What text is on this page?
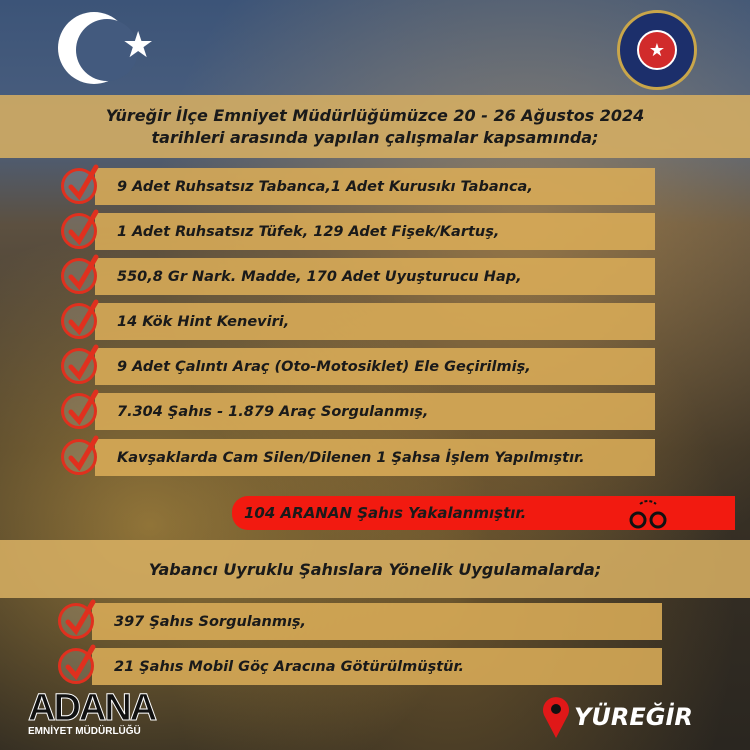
★	★
Yüreğir İlçe Emniyet Müdürlüğümüzce 20 - 26 Ağustos 2024
tarihleri arasında yapılan çalışmalar kapsamında;
9 Adet Ruhsatsız Tabanca,1 Adet Kurusıkı Tabanca,
1 Adet Ruhsatsız Tüfek, 129 Adet Fişek/Kartuş,
550,8 Gr Nark. Madde, 170 Adet Uyuşturucu Hap,
14 Kök Hint Keneviri,
9 Adet Çalıntı Araç (Oto-Motosiklet) Ele Geçirilmiş,
7.304 Şahıs - 1.879 Araç Sorgulanmış,
Kavşaklarda Cam Silen/Dilenen 1 Şahsa İşlem Yapılmıştır.
104 ARANAN Şahıs Yakalanmıştır.
Yabancı Uyruklu Şahıslara Yönelik Uygulamalarda;
397 Şahıs Sorgulanmış,
21 Şahıs Mobil Göç Aracına Götürülmüştür.
ADANA
EMNİYET MÜDÜRLÜĞÜ
YÜREĞİR
